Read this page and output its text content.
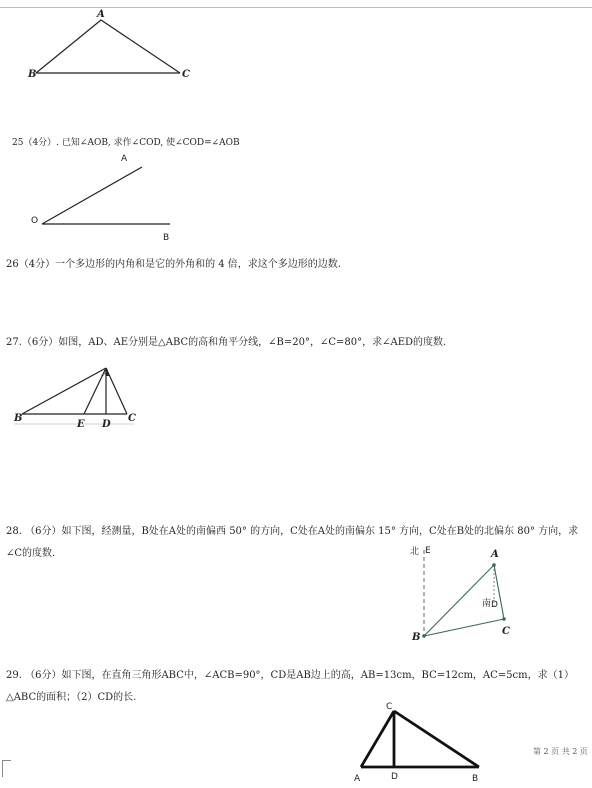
A
B	C
25（4分）. 已知∠AOB, 求作∠COD, 使∠COD=∠AOB
A
O
B
26（4分）一个多边形的内角和是它的外角和的 4 倍，求这个多边形的边数.
27.（6分）如图，AD、AE分别是△ABC的高和角平分线，∠B=20°，∠C=80°，求∠AED的度数.
A
B
E D
C
28. （6分）如下图，经测量，B处在A处的南偏西 50° 的方向，C处在A处的南偏东 15° 方向，C处在B处的北偏东 80° 方向，求∠C的度数.	北 E	A
南 D
B
C
29. （6分）如下图，在直角三角形ABC中，∠ACB=90°，CD是AB边上的高，AB=13cm，BC=12cm，AC=5cm，求（1）△ABC的面积；（2）CD的长.
C
A	D	B
第 2 页 共 2 页
